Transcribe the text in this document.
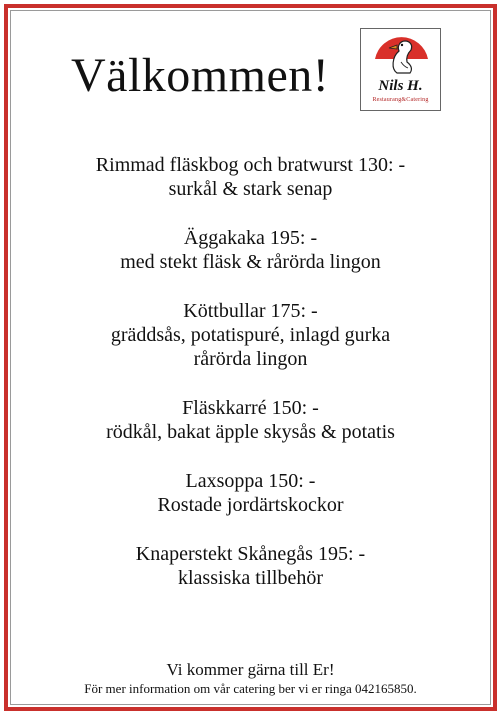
Välkommen!	Nils H.
Restaurang&Catering
Rimmad fläskbog och bratwurst 130: -
surkål & stark senap
Äggakaka 195: -
med stekt fläsk & rårörda lingon
Köttbullar 175: -
gräddsås, potatispuré, inlagd gurka
rårörda lingon
Fläskkarré 150: -
rödkål, bakat äpple skysås & potatis
Laxsoppa 150: -
Rostade jordärtskockor
Knaperstekt Skånegås 195: -
klassiska tillbehör
Vi kommer gärna till Er!
För mer information om vår catering ber vi er ringa 042165850.
